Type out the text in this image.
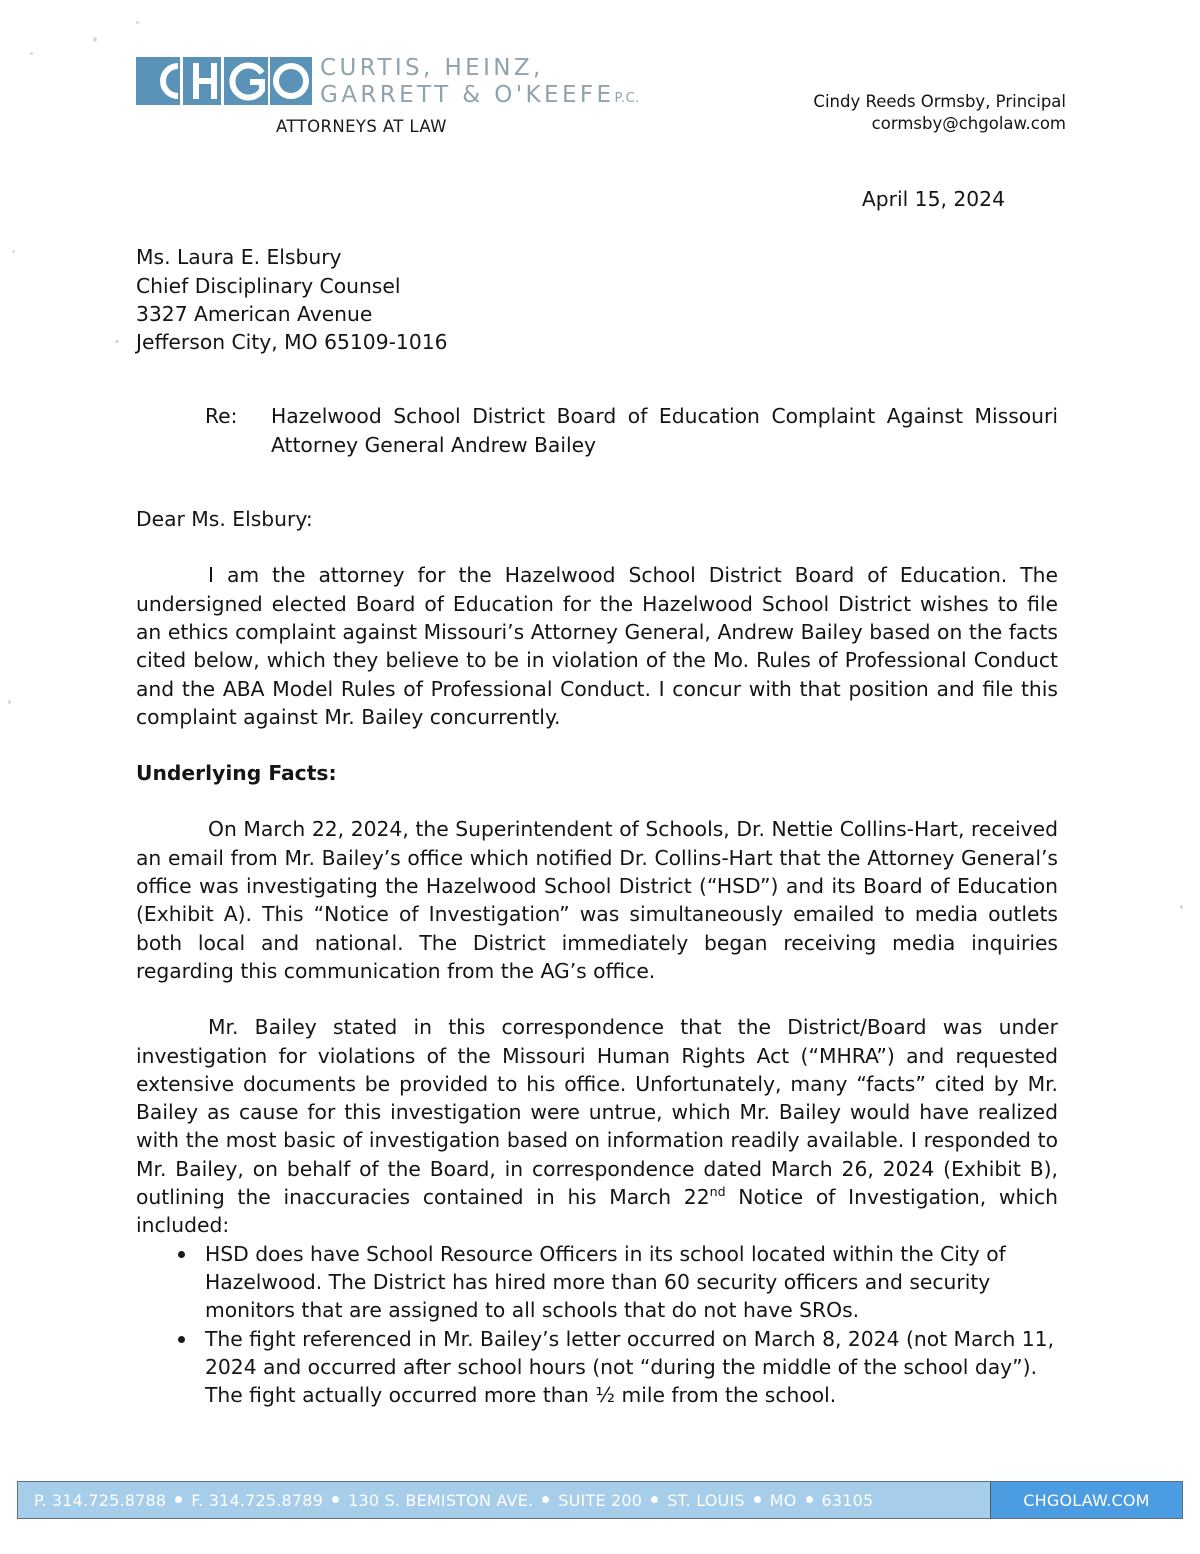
CURTIS, HEINZ,
GARRETT & O'KEEFEP.C.
ATTORNEYS AT LAW
Cindy Reeds Ormsby, Principal
cormsby@chgolaw.com
April 15, 2024
Ms. Laura E. Elsbury
Chief Disciplinary Counsel
3327 American Avenue
Jefferson City, MO 65109-1016
Re:	Hazelwood School District Board of Education Complaint Against Missouri Attorney General Andrew Bailey
Dear Ms. Elsbury:

I am the attorney for the Hazelwood School District Board of Education. The undersigned elected Board of Education for the Hazelwood School District wishes to file an ethics complaint against Missouri’s Attorney General, Andrew Bailey based on the facts cited below, which they believe to be in violation of the Mo. Rules of Professional Conduct and the ABA Model Rules of Professional Conduct. I concur with that position and file this complaint against Mr. Bailey concurrently.

Underlying Facts:

On March 22, 2024, the Superintendent of Schools, Dr. Nettie Collins-Hart, received an email from Mr. Bailey’s office which notified Dr. Collins-Hart that the Attorney General’s office was investigating the Hazelwood School District (“HSD”) and its Board of Education (Exhibit A). This “Notice of Investigation” was simultaneously emailed to media outlets both local and national. The District immediately began receiving media inquiries regarding this communication from the AG’s office.

Mr. Bailey stated in this correspondence that the District/Board was under investigation for violations of the Missouri Human Rights Act (“MHRA”) and requested extensive documents be provided to his office. Unfortunately, many “facts” cited by Mr. Bailey as cause for this investigation were untrue, which Mr. Bailey would have realized with the most basic of investigation based on information readily available. I responded to Mr. Bailey, on behalf of the Board, in correspondence dated March 26, 2024 (Exhibit B), outlining the inaccuracies contained in his March 22nd Notice of Investigation, which included:

HSD does have School Resource Officers in its school located within the City of Hazelwood. The District has hired more than 60 security officers and security monitors that are assigned to all schools that do not have SROs.
The fight referenced in Mr. Bailey’s letter occurred on March 8, 2024 (not March 11, 2024 and occurred after school hours (not “during the middle of the school day”). The fight actually occurred more than ½ mile from the school.
P. 314.725.8788 F. 314.725.8789 130 S. BEMISTON AVE. SUITE 200 ST. LOUIS MO 63105	CHGOLAW.COM
